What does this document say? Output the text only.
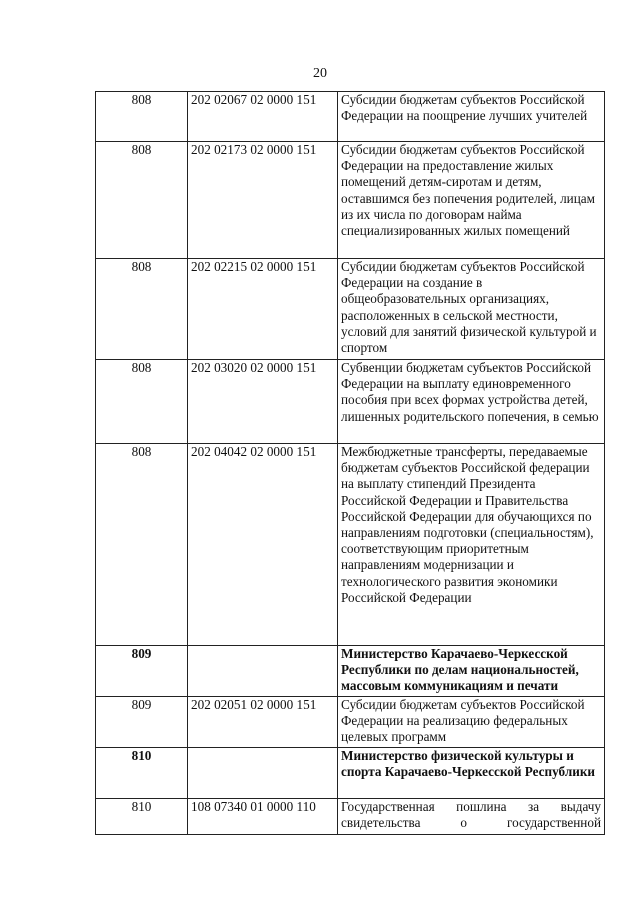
20
808	202 02067 02 0000 151	Субсидии бюджетам субъектов Российской Федерации на поощрение лучших учителей
808	202 02173 02 0000 151	Субсидии бюджетам субъектов Российской Федерации на предоставление жилых помещений детям-сиротам и детям, оставшимся без попечения родителей, лицам из их числа по договорам найма специализированных жилых помещений
808	202 02215 02 0000 151	Субсидии бюджетам субъектов Российской Федерации на создание в общеобразовательных организациях, расположенных в сельской местности, условий для занятий физической культурой и спортом
808	202 03020 02 0000 151	Субвенции бюджетам субъектов Российской Федерации на выплату единовременного пособия при всех формах устройства детей, лишенных родительского попечения, в семью
808	202 04042 02 0000 151	Межбюджетные трансферты, передаваемые бюджетам субъектов Российской федерации на выплату стипендий Президента Российской Федерации и Правительства Российской Федерации для обучающихся по направлениям подготовки (специальностям), соответствующим приоритетным направлениям модернизации и технологического развития экономики Российской Федерации
809		Министерство Карачаево-Черкесской Республики по делам национальностей, массовым коммуникациям и печати
809	202 02051 02 0000 151	Субсидии бюджетам субъектов Российской Федерации на реализацию федеральных целевых программ
810		Министерство физической культуры и спорта Карачаево-Черкесской Республики
810	108 07340 01 0000 110	Государственная пошлина за выдачу свидетельства о государственной
